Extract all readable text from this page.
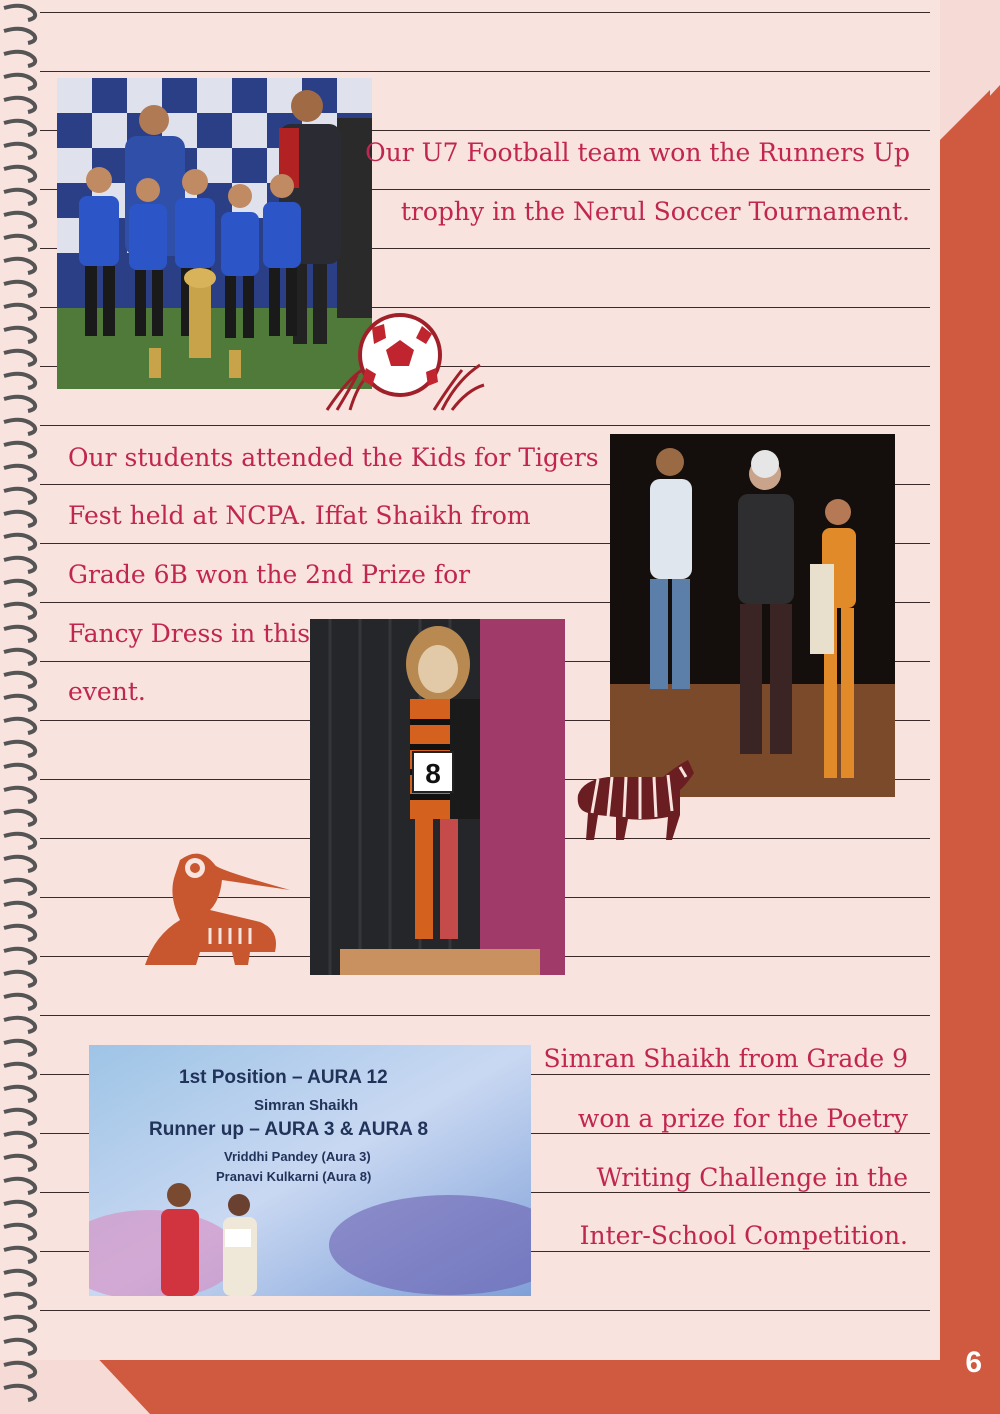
8
1st Position – AURA 12
Simran Shaikh
Runner up – AURA 3 & AURA 8
Vriddhi Pandey (Aura 3)
Pranavi Kulkarni (Aura 8)
Our U7 Football team won the Runners Up
trophy in the Nerul Soccer Tournament.
Our students attended the Kids for Tigers
Fest held at NCPA. Iffat Shaikh from
Grade 6B won the 2nd Prize for
Fancy Dress in this
event.
Simran Shaikh from Grade 9
won a prize for the Poetry
Writing Challenge in the
Inter-School Competition.
6
